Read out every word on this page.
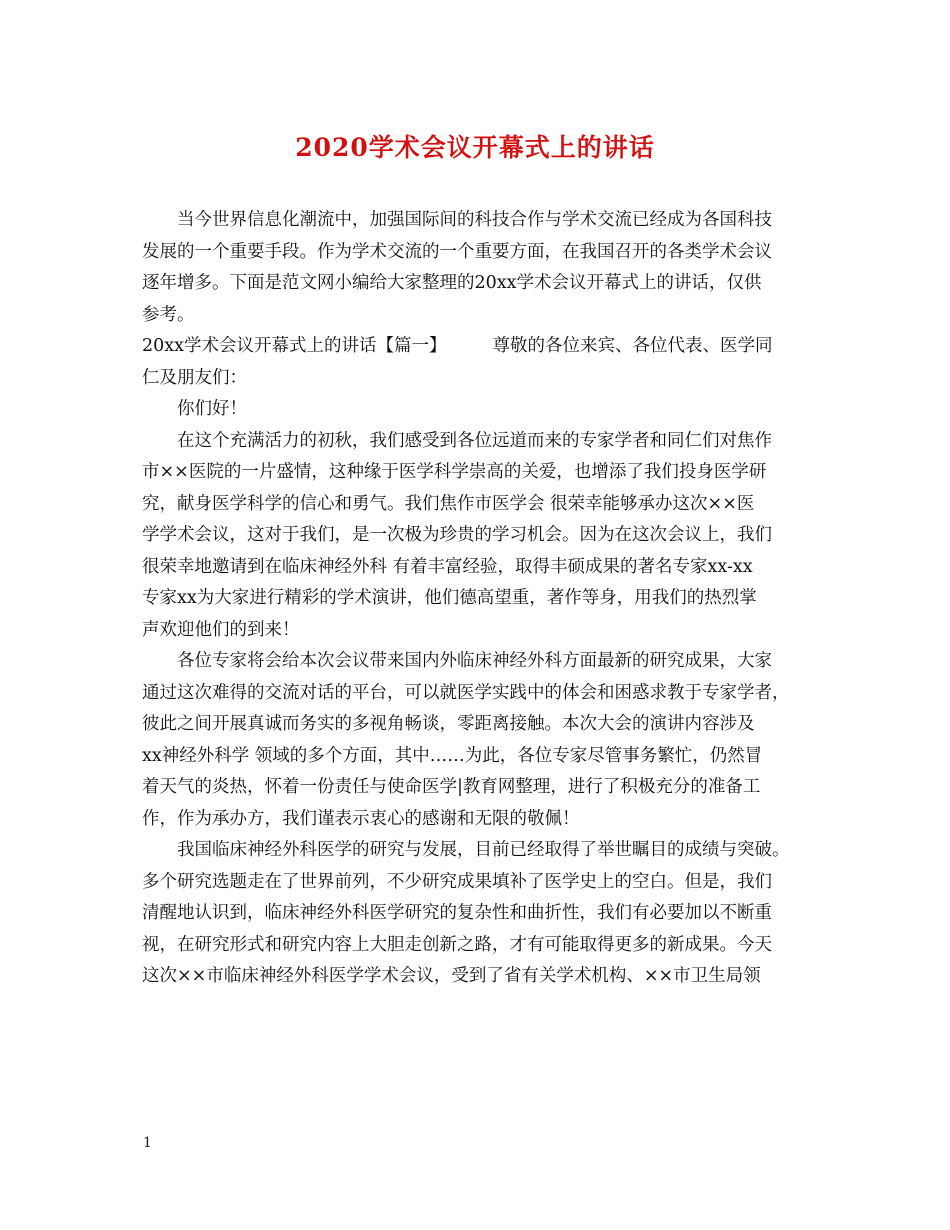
2020学术会议开幕式上的讲话
当今世界信息化潮流中，加强国际间的科技合作与学术交流已经成为各国科技
发展的一个重要手段。作为学术交流的一个重要方面，在我国召开的各类学术会议
逐年增多。下面是范文网小编给大家整理的20xx学术会议开幕式上的讲话，仅供
参考。
20xx学术会议开幕式上的讲话【篇一】	尊敬的各位来宾、各位代表、医学同
仁及朋友们：
你们好！
在这个充满活力的初秋，我们感受到各位远道而来的专家学者和同仁们对焦作
市××医院的一片盛情，这种缘于医学科学崇高的关爱，也增添了我们投身医学研
究，献身医学科学的信心和勇气。我们焦作市医学会 很荣幸能够承办这次××医
学学术会议，这对于我们，是一次极为珍贵的学习机会。因为在这次会议上，我们
很荣幸地邀请到在临床神经外科 有着丰富经验，取得丰硕成果的著名专家xx-xx
专家xx为大家进行精彩的学术演讲，他们德高望重，著作等身，用我们的热烈掌
声欢迎他们的到来！
各位专家将会给本次会议带来国内外临床神经外科方面最新的研究成果，大家
通过这次难得的交流对话的平台，可以就医学实践中的体会和困惑求教于专家学者，
彼此之间开展真诚而务实的多视角畅谈，零距离接触。本次大会的演讲内容涉及
xx神经外科学 领域的多个方面，其中……为此，各位专家尽管事务繁忙，仍然冒
着天气的炎热，怀着一份责任与使命医学|教育网整理，进行了积极充分的准备工
作，作为承办方，我们谨表示衷心的感谢和无限的敬佩！
我国临床神经外科医学的研究与发展，目前已经取得了举世瞩目的成绩与突破。
多个研究选题走在了世界前列，不少研究成果填补了医学史上的空白。但是，我们
清醒地认识到，临床神经外科医学研究的复杂性和曲折性，我们有必要加以不断重
视，在研究形式和研究内容上大胆走创新之路，才有可能取得更多的新成果。今天
这次××市临床神经外科医学学术会议，受到了省有关学术机构、××市卫生局领
1
